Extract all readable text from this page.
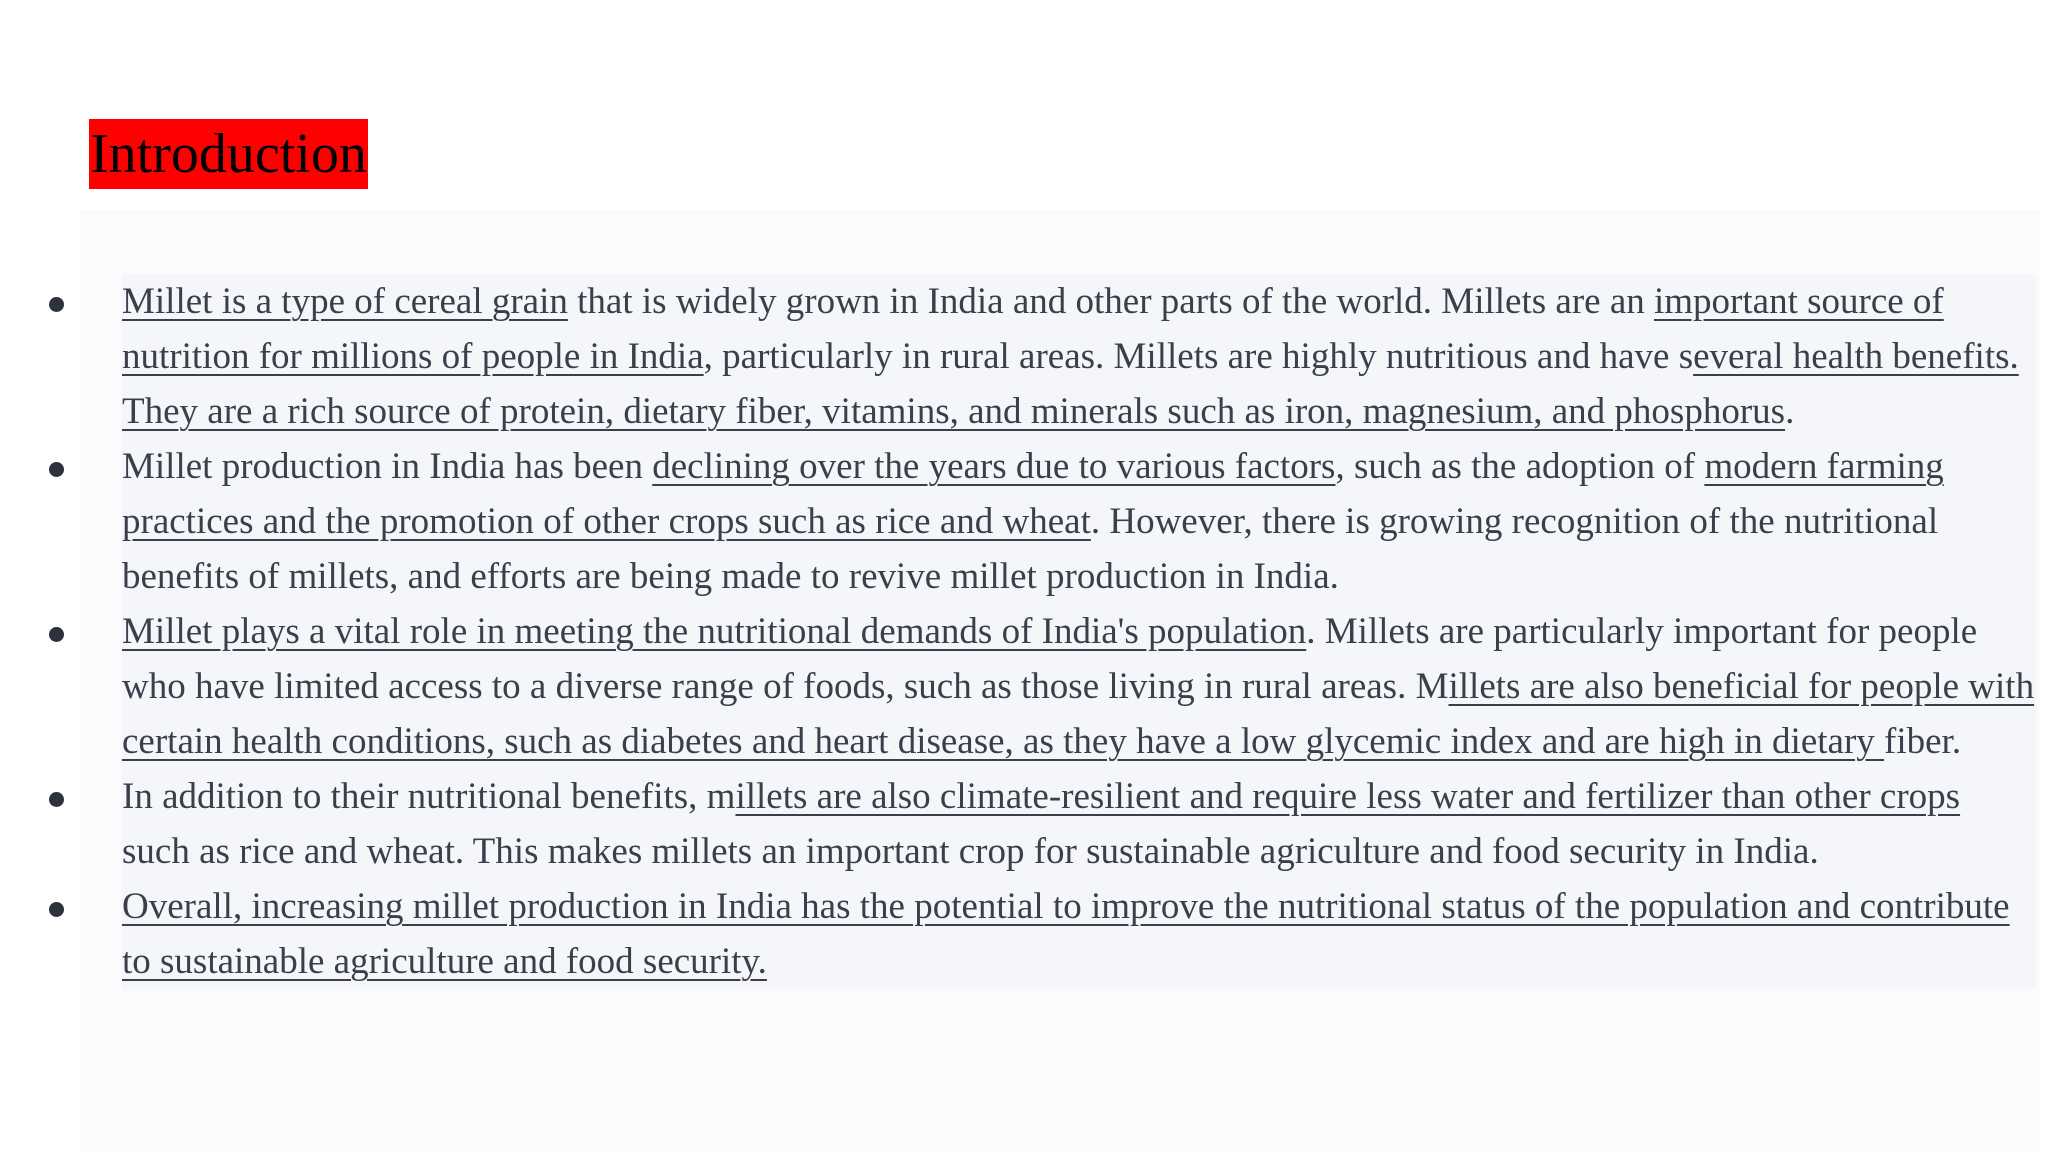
Introduction
Millet is a type of cereal grain that is widely grown in India and other parts of the world. Millets are an important source of nutrition for millions of people in India, particularly in rural areas. Millets are highly nutritious and have several health benefits. They are a rich source of protein, dietary fiber, vitamins, and minerals such as iron, magnesium, and phosphorus.
Millet production in India has been declining over the years due to various factors, such as the adoption of modern farming practices and the promotion of other crops such as rice and wheat. However, there is growing recognition of the nutritional benefits of millets, and efforts are being made to revive millet production in India.
Millet plays a vital role in meeting the nutritional demands of India's population. Millets are particularly important for people who have limited access to a diverse range of foods, such as those living in rural areas. Millets are also beneficial for people with certain health conditions, such as diabetes and heart disease, as they have a low glycemic index and are high in dietary fiber.
In addition to their nutritional benefits, millets are also climate-resilient and require less water and fertilizer than other crops such as rice and wheat. This makes millets an important crop for sustainable agriculture and food security in India.
Overall, increasing millet production in India has the potential to improve the nutritional status of the population and contribute to sustainable agriculture and food security.
